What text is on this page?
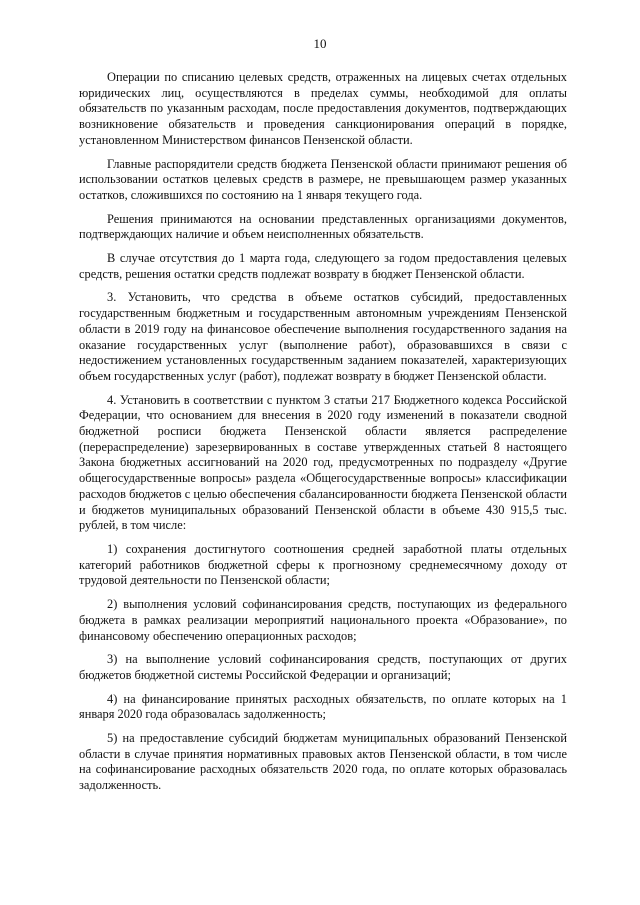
10

Операции по списанию целевых средств, отраженных на лицевых счетах отдельных юридических лиц, осуществляются в пределах суммы, необходимой для оплаты обязательств по указанным расходам, после предоставления документов, подтверждающих возникновение обязательств и проведения санкционирования операций в порядке, установленном Министерством финансов Пензенской области.

Главные распорядители средств бюджета Пензенской области принимают решения об использовании остатков целевых средств в размере, не превышающем размер указанных остатков, сложившихся по состоянию на 1 января текущего года.

Решения принимаются на основании представленных организациями документов, подтверждающих наличие и объем неисполненных обязательств.

В случае отсутствия до 1 марта года, следующего за годом предоставления целевых средств, решения остатки средств подлежат возврату в бюджет Пензенской области.

3. Установить, что средства в объеме остатков субсидий, предоставленных государственным бюджетным и государственным автономным учреждениям Пензенской области в 2019 году на финансовое обеспечение выполнения государственного задания на оказание государственных услуг (выполнение работ), образовавшихся в связи с недостижением установленных государственным заданием показателей, характеризующих объем государственных услуг (работ), подлежат возврату в бюджет Пензенской области.

4. Установить в соответствии с пунктом 3 статьи 217 Бюджетного кодекса Российской Федерации, что основанием для внесения в 2020 году изменений в показатели сводной бюджетной росписи бюджета Пензенской области является распределение (перераспределение) зарезервированных в составе утвержденных статьей 8 настоящего Закона бюджетных ассигнований на 2020 год, предусмотренных по подразделу «Другие общегосударственные вопросы» раздела «Общегосударственные вопросы» классификации расходов бюджетов с целью обеспечения сбалансированности бюджета Пензенской области и бюджетов муниципальных образований Пензенской области в объеме 430 915,5 тыс. рублей, в том числе:

1) сохранения достигнутого соотношения средней заработной платы отдельных категорий работников бюджетной сферы к прогнозному среднемесячному доходу от трудовой деятельности по Пензенской области;

2) выполнения условий софинансирования средств, поступающих из федерального бюджета в рамках реализации мероприятий национального проекта «Образование», по финансовому обеспечению операционных расходов;

3) на выполнение условий софинансирования средств, поступающих от других бюджетов бюджетной системы Российской Федерации и организаций;

4) на финансирование принятых расходных обязательств, по оплате которых на 1 января 2020 года образовалась задолженность;

5) на предоставление субсидий бюджетам муниципальных образований Пензенской области в случае принятия нормативных правовых актов Пензенской области, в том числе на софинансирование расходных обязательств 2020 года, по оплате которых образовалась задолженность.
